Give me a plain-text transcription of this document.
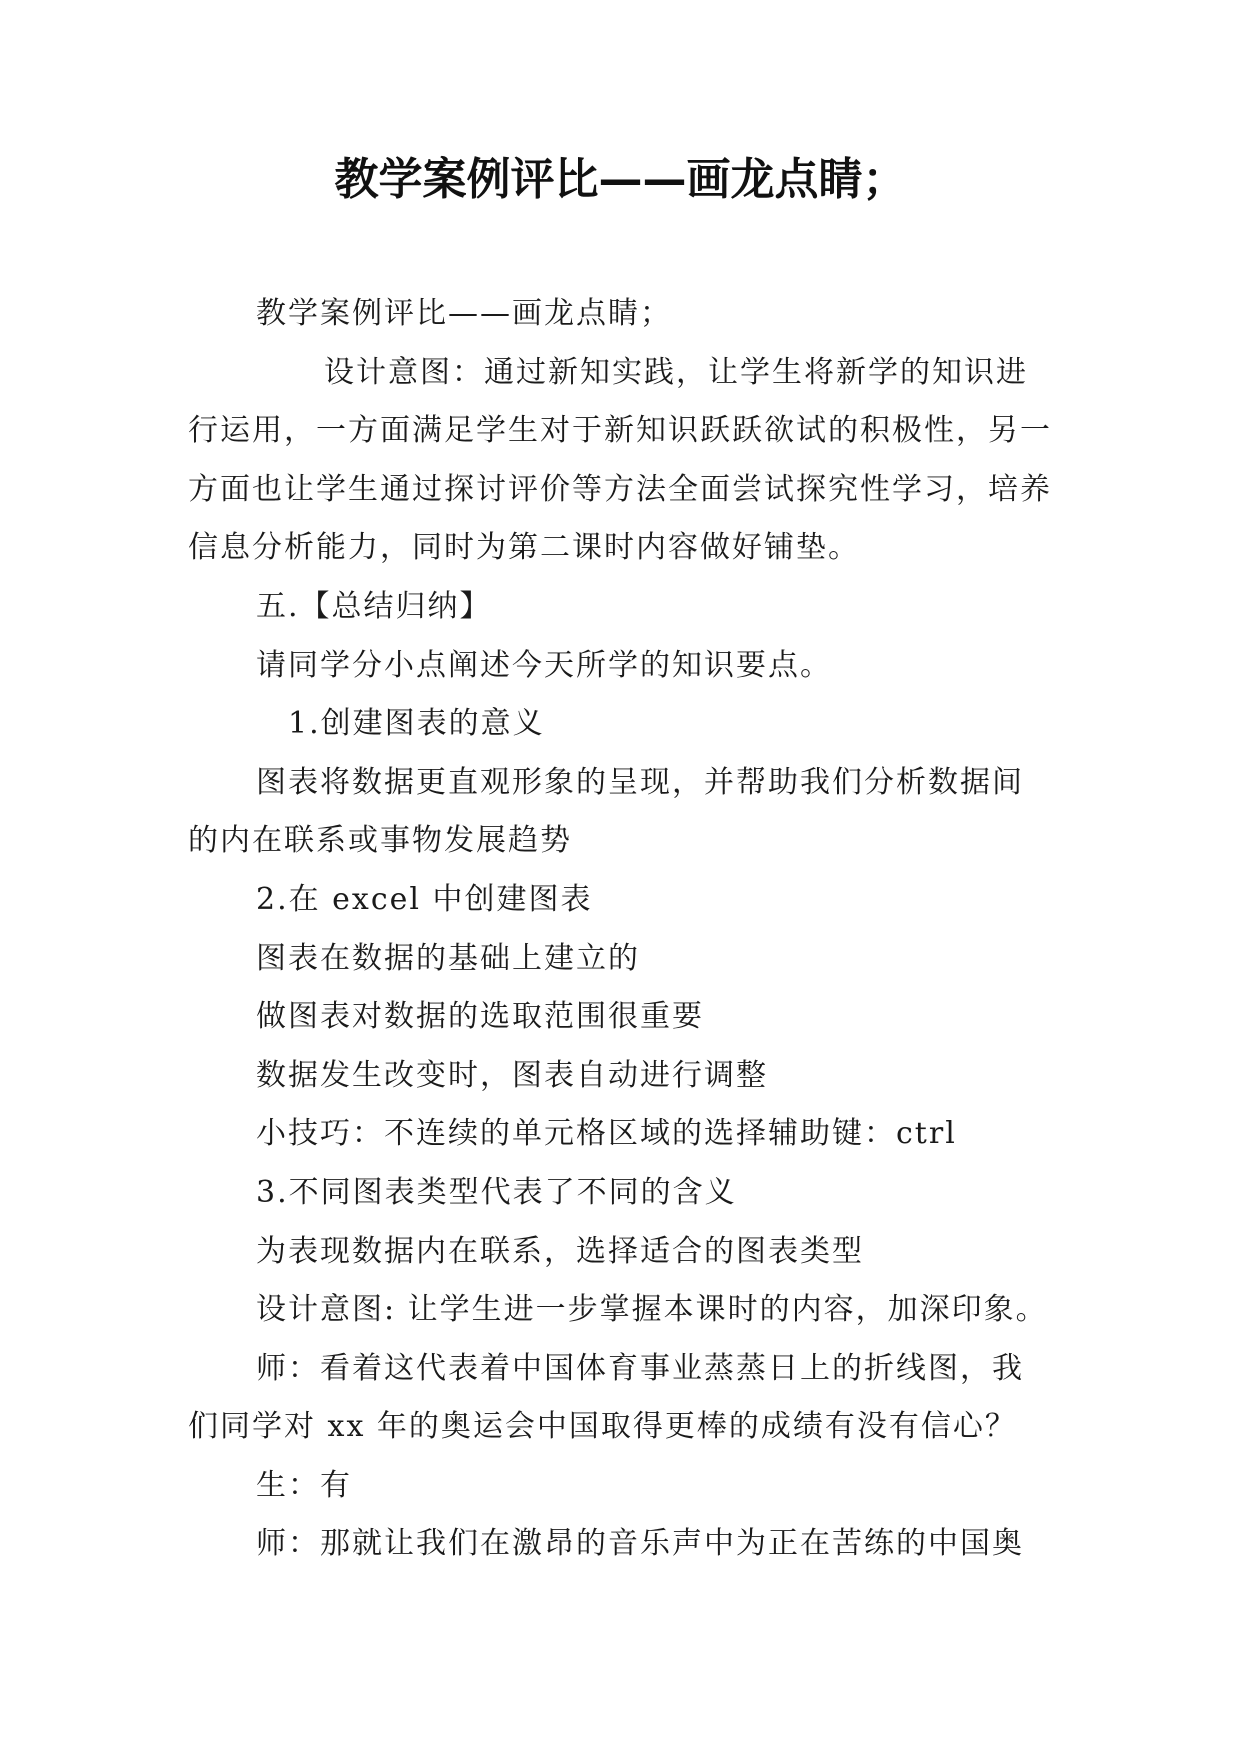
教学案例评比——画龙点睛；

教学案例评比——画龙点睛；

设计意图：通过新知实践，让学生将新学的知识进行运用，一方面满足学生对于新知识跃跃欲试的积极性，另一方面也让学生通过探讨评价等方法全面尝试探究性学习，培养信息分析能力，同时为第二课时内容做好铺垫。

五.【总结归纳】

请同学分小点阐述今天所学的知识要点。

1.创建图表的意义

图表将数据更直观形象的呈现，并帮助我们分析数据间的内在联系或事物发展趋势

2.在 excel 中创建图表

图表在数据的基础上建立的

做图表对数据的选取范围很重要

数据发生改变时，图表自动进行调整

小技巧：不连续的单元格区域的选择辅助键：ctrl

3.不同图表类型代表了不同的含义

为表现数据内在联系，选择适合的图表类型

设计意图: 让学生进一步掌握本课时的内容，加深印象。

师：看着这代表着中国体育事业蒸蒸日上的折线图，我们同学对 xx 年的奥运会中国取得更棒的成绩有没有信心？

生：有

师：那就让我们在激昂的音乐声中为正在苦练的中国奥
